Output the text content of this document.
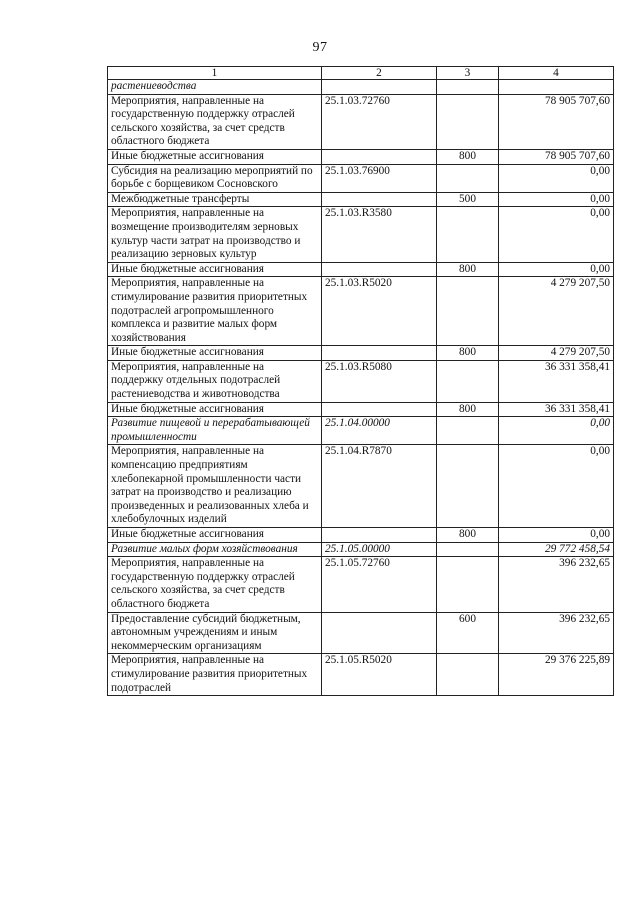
97
1	2	3	4
растениеводства			
Мероприятия, направленные на государственную поддержку отраслей сельского хозяйства, за счет средств областного бюджета	25.1.03.72760		78 905 707,60
Иные бюджетные ассигнования		800	78 905 707,60
Субсидия на реализацию мероприятий по борьбе с борщевиком Сосновского	25.1.03.76900		0,00
Межбюджетные трансферты		500	0,00
Мероприятия, направленные на возмещение производителям зерновых культур части затрат на производство и реализацию зерновых культур	25.1.03.R3580		0,00
Иные бюджетные ассигнования		800	0,00
Мероприятия, направленные на стимулирование развития приоритетных подотраслей агропромышленного комплекса и развитие малых форм хозяйствования	25.1.03.R5020		4 279 207,50
Иные бюджетные ассигнования		800	4 279 207,50
Мероприятия, направленные на поддержку отдельных подотраслей растениеводства и животноводства	25.1.03.R5080		36 331 358,41
Иные бюджетные ассигнования		800	36 331 358,41
Развитие пищевой и перерабатывающей промышленности	25.1.04.00000		0,00
Мероприятия, направленные на компенсацию предприятиям хлебопекарной промышленности части затрат на производство и реализацию произведенных и реализованных хлеба и хлебобулочных изделий	25.1.04.R7870		0,00
Иные бюджетные ассигнования		800	0,00
Развитие малых форм хозяйствования	25.1.05.00000		29 772 458,54
Мероприятия, направленные на государственную поддержку отраслей сельского хозяйства, за счет средств областного бюджета	25.1.05.72760		396 232,65
Предоставление субсидий бюджетным, автономным учреждениям и иным некоммерческим организациям		600	396 232,65
Мероприятия, направленные на стимулирование развития приоритетных подотраслей	25.1.05.R5020		29 376 225,89
